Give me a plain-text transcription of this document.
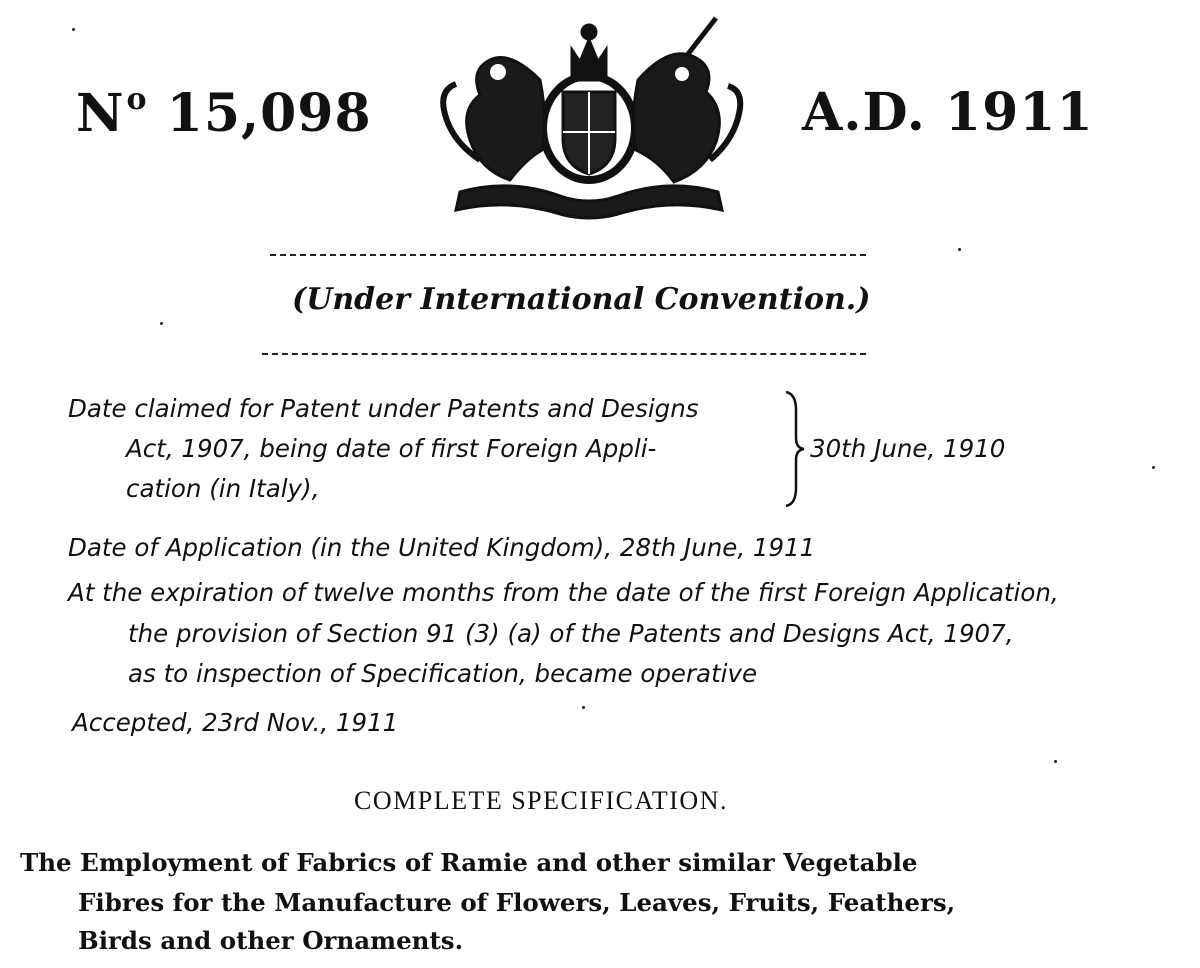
$N^o$ 15,098	A.D. 1911
(Under International Convention.)
Date claimed for Patent under Patents and Designs
Act, 1907, being date of first Foreign Appli-
cation (in Italy),
30th June, 1910
Date of Application (in the United Kingdom), 28th June, 1911
At the expiration of twelve months from the date of the first Foreign Application,
the provision of Section 91 (3) (a) of the Patents and Designs Act, 1907,
as to inspection of Specification, became operative
Accepted, 23rd Nov., 1911
COMPLETE SPECIFICATION.
The Employment of Fabrics of Ramie and other similar Vegetable
Fibres for the Manufacture of Flowers, Leaves, Fruits, Feathers,
Birds and other Ornaments.
